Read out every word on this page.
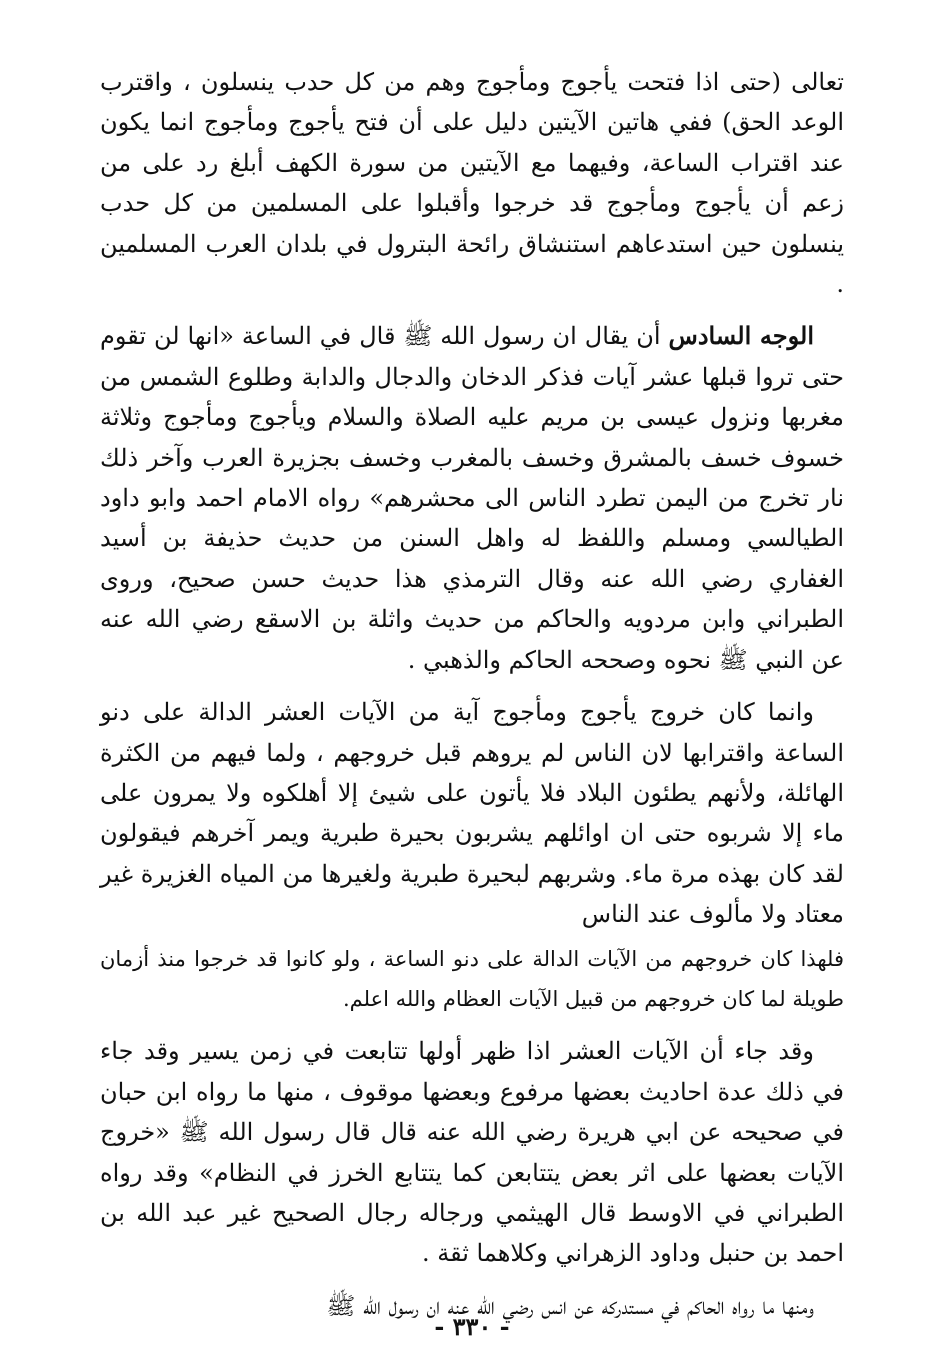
تعالى (حتى اذا فتحت يأجوج ومأجوج وهم من كل حدب ينسلون ، واقترب الوعد الحق) ففي هاتين الآيتين دليل على أن فتح يأجوج ومأجوج انما يكون عند اقتراب الساعة، وفيهما مع الآيتين من سورة الكهف أبلغ رد على من زعم أن يأجوج ومأجوج قد خرجوا وأقبلوا على المسلمين من كل حدب ينسلون حين استدعاهم استنشاق رائحة البترول في بلدان العرب المسلمين .

الوجه السادس أن يقال ان رسول الله ﷺ قال في الساعة «انها لن تقوم حتى تروا قبلها عشر آيات فذكر الدخان والدجال والدابة وطلوع الشمس من مغربها ونزول عيسى بن مريم عليه الصلاة والسلام ويأجوج ومأجوج وثلاثة خسوف خسف بالمشرق وخسف بالمغرب وخسف بجزيرة العرب وآخر ذلك نار تخرج من اليمن تطرد الناس الى محشرهم» رواه الامام احمد وابو داود الطيالسي ومسلم واللفظ له واهل السنن من حديث حذيفة بن أسيد الغفاري رضي الله عنه وقال الترمذي هذا حديث حسن صحيح، وروى الطبراني وابن مردويه والحاكم من حديث واثلة بن الاسقع رضي الله عنه عن النبي ﷺ نحوه وصححه الحاكم والذهبي .

وانما كان خروج يأجوج ومأجوج آية من الآيات العشر الدالة على دنو الساعة واقترابها لان الناس لم يروهم قبل خروجهم ، ولما فيهم من الكثرة الهائلة، ولأنهم يطئون البلاد فلا يأتون على شيئ إلا أهلكوه ولا يمرون على ماء إلا شربوه حتى ان اوائلهم يشربون بحيرة طبرية ويمر آخرهم فيقولون لقد كان بهذه مرة ماء. وشربهم لبحيرة طبرية ولغيرها من المياه الغزيرة غير معتاد ولا مألوف عند الناس

فلهذا كان خروجهم من الآيات الدالة على دنو الساعة ، ولو كانوا قد خرجوا منذ أزمان طويلة لما كان خروجهم من قبيل الآيات العظام والله اعلم.

وقد جاء أن الآيات العشر اذا ظهر أولها تتابعت في زمن يسير وقد جاء في ذلك عدة احاديث بعضها مرفوع وبعضها موقوف ، منها ما رواه ابن حبان في صحيحه عن ابي هريرة رضي الله عنه قال قال رسول الله ﷺ «خروج الآيات بعضها على اثر بعض يتتابعن كما يتتابع الخرز في النظام» وقد رواه الطبراني في الاوسط قال الهيثمي ورجاله رجال الصحيح غير عبد الله بن احمد بن حنبل وداود الزهراني وكلاهما ثقة .

ومنها ما رواه الحاكم في مستدركه عن انس رضي الله عنه ان رسول الله ﷺ

- ٣٣٠ -
